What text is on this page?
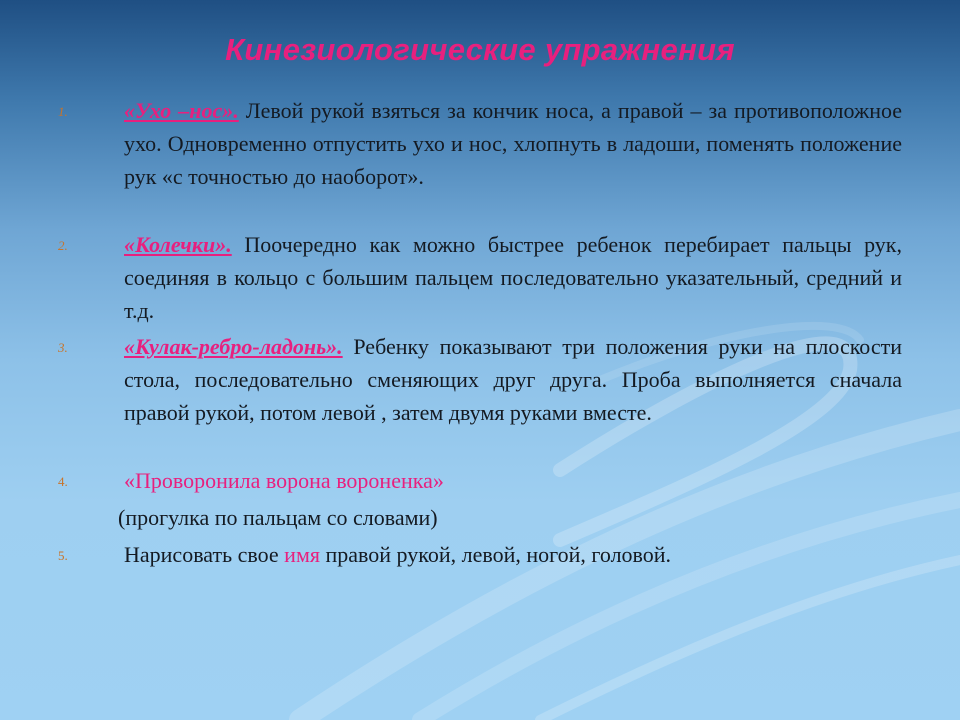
Кинезиологические упражнения
1.	«Ухо –нос». Левой рукой взяться за кончик носа, а правой – за противоположное ухо. Одновременно отпустить ухо и нос, хлопнуть в ладоши, поменять положение рук «с точностью до наоборот».
2.	«Колечки». Поочередно как можно быстрее ребенок перебирает пальцы рук, соединяя в кольцо с большим пальцем последовательно указательный, средний и т.д.
3.	«Кулак-ребро-ладонь». Ребенку показывают три положения руки на плоскости стола, последовательно сменяющих друг друга. Проба выполняется сначала правой рукой, потом левой , затем двумя руками вместе.
4.	«Проворонила ворона вороненка»
(прогулка по пальцам со словами)
5.	Нарисовать свое имя правой рукой, левой, ногой, головой.
